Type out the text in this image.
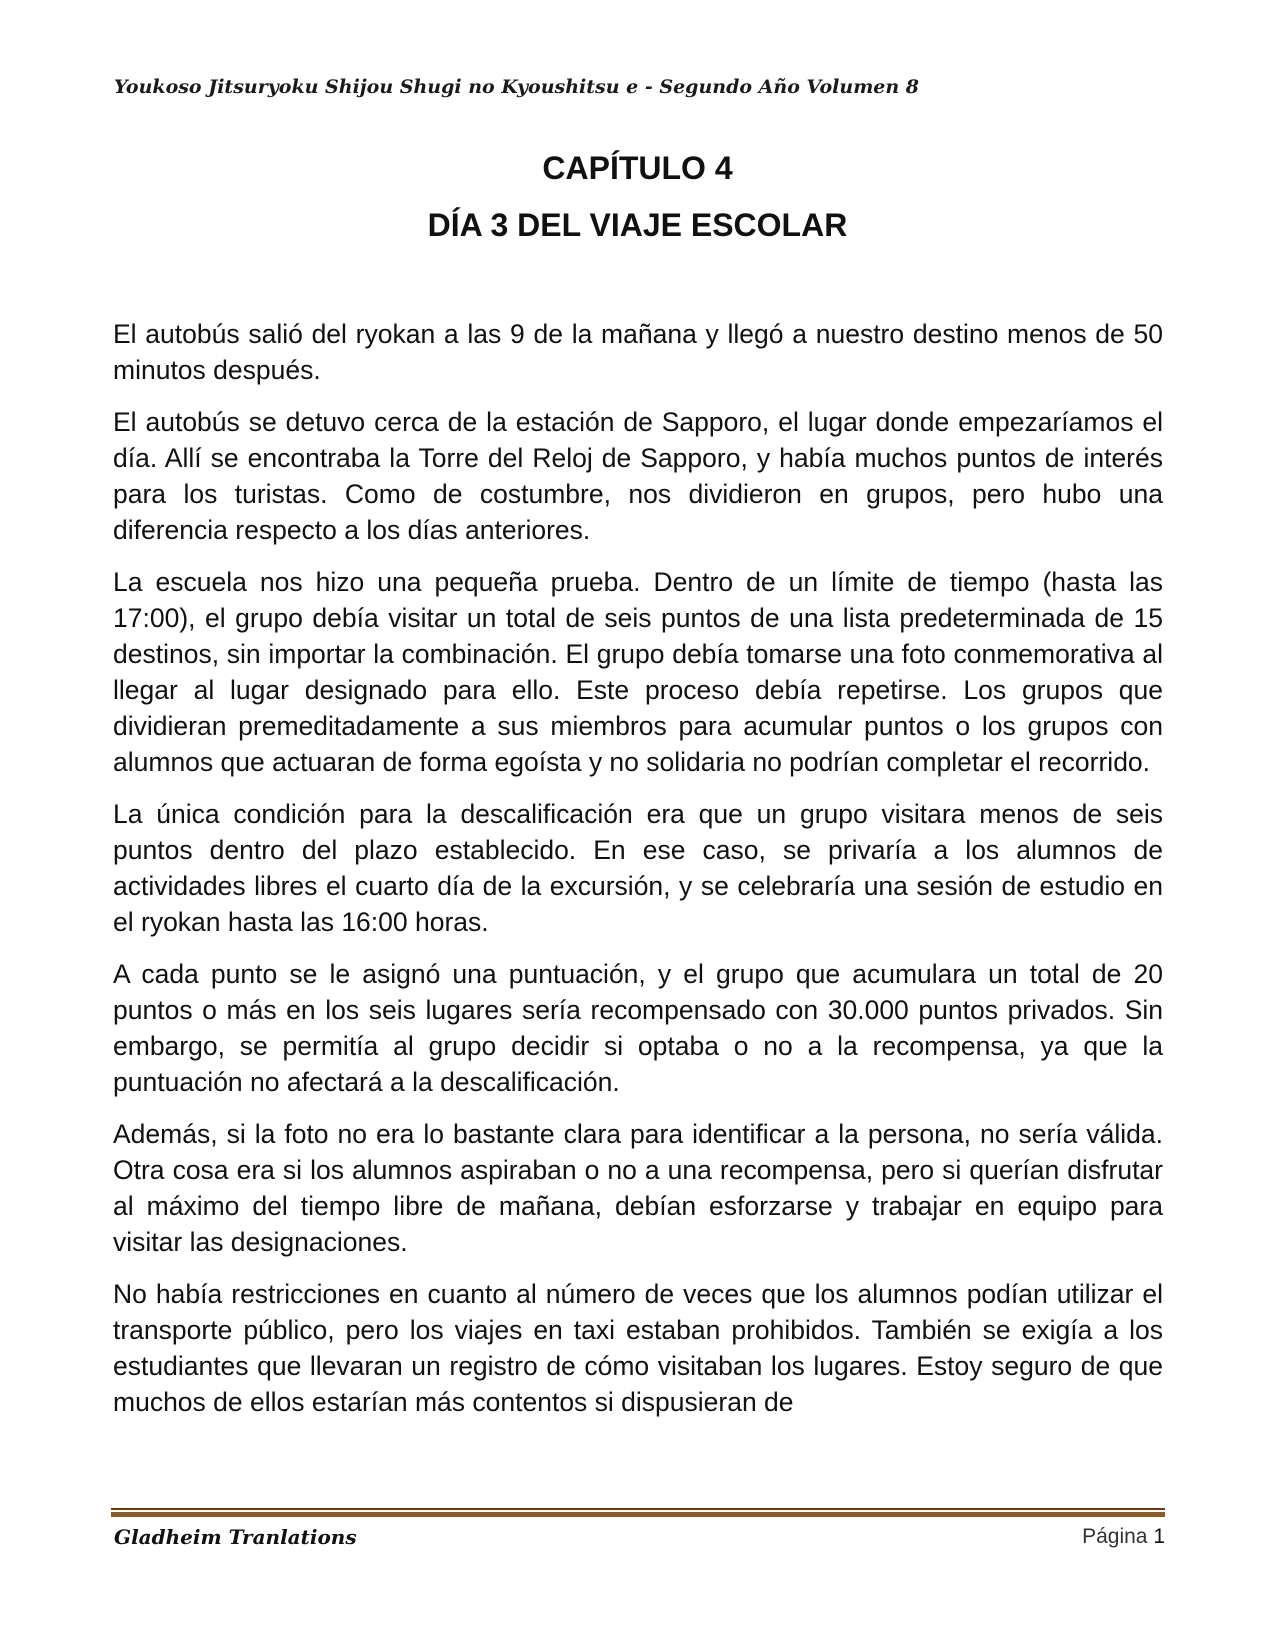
Youkoso Jitsuryoku Shijou Shugi no Kyoushitsu e - Segundo Año Volumen 8
CAPÍTULO 4
DÍA 3 DEL VIAJE ESCOLAR

El autobús salió del ryokan a las 9 de la mañana y llegó a nuestro destino menos de 50 minutos después.

El autobús se detuvo cerca de la estación de Sapporo, el lugar donde empezaríamos el día. Allí se encontraba la Torre del Reloj de Sapporo, y había muchos puntos de interés para los turistas. Como de costumbre, nos dividieron en grupos, pero hubo una diferencia respecto a los días anteriores.

La escuela nos hizo una pequeña prueba. Dentro de un límite de tiempo (hasta las 17:00), el grupo debía visitar un total de seis puntos de una lista predeterminada de 15 destinos, sin importar la combinación. El grupo debía tomarse una foto conmemorativa al llegar al lugar designado para ello. Este proceso debía repetirse. Los grupos que dividieran premeditadamente a sus miembros para acumular puntos o los grupos con alumnos que actuaran de forma egoísta y no solidaria no podrían completar el recorrido.

La única condición para la descalificación era que un grupo visitara menos de seis puntos dentro del plazo establecido. En ese caso, se privaría a los alumnos de actividades libres el cuarto día de la excursión, y se celebraría una sesión de estudio en el ryokan hasta las 16:00 horas.

A cada punto se le asignó una puntuación, y el grupo que acumulara un total de 20 puntos o más en los seis lugares sería recompensado con 30.000 puntos privados. Sin embargo, se permitía al grupo decidir si optaba o no a la recompensa, ya que la puntuación no afectará a la descalificación.

Además, si la foto no era lo bastante clara para identificar a la persona, no sería válida. Otra cosa era si los alumnos aspiraban o no a una recompensa, pero si querían disfrutar al máximo del tiempo libre de mañana, debían esforzarse y trabajar en equipo para visitar las designaciones.

No había restricciones en cuanto al número de veces que los alumnos podían utilizar el transporte público, pero los viajes en taxi estaban prohibidos. También se exigía a los estudiantes que llevaran un registro de cómo visitaban los lugares. Estoy seguro de que muchos de ellos estarían más contentos si dispusieran de

Gladheim Tranlations	Página 1
